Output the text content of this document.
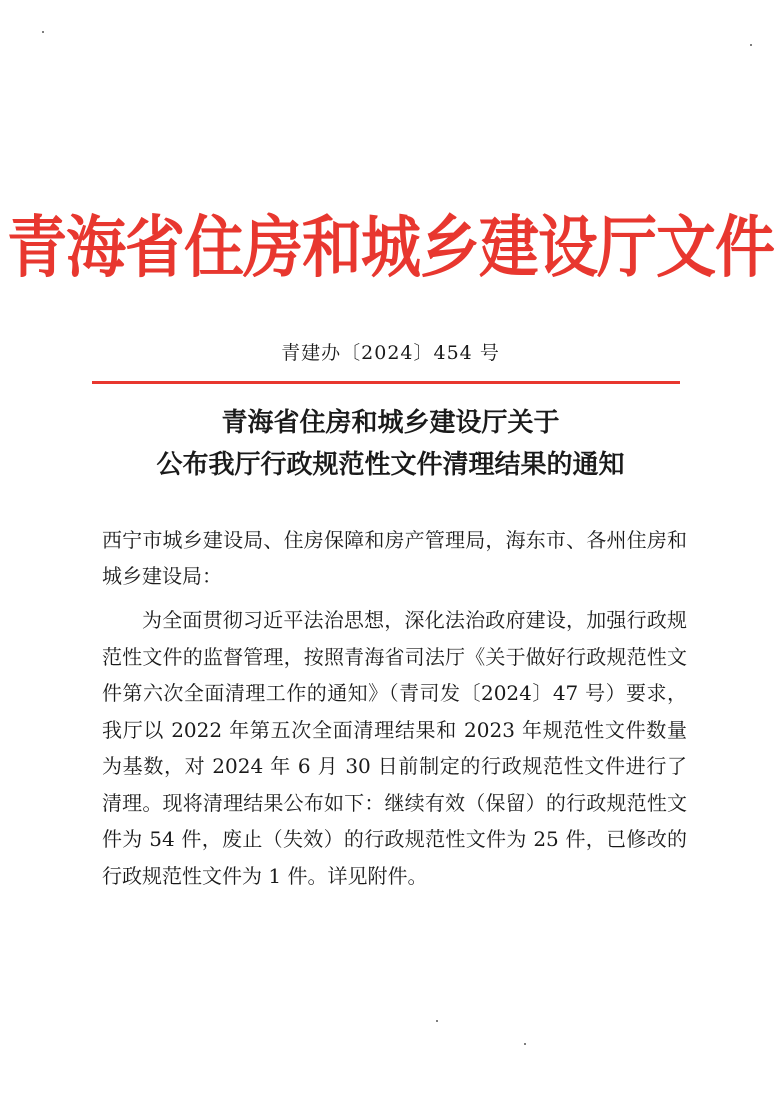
青海省住房和城乡建设厅文件
青建办〔2024〕454 号
青海省住房和城乡建设厅关于
公布我厅行政规范性文件清理结果的通知
西宁市城乡建设局、住房保障和房产管理局，海东市、各州住房和城乡建设局：
为全面贯彻习近平法治思想，深化法治政府建设，加强行政规范性文件的监督管理，按照青海省司法厅《关于做好行政规范性文件第六次全面清理工作的通知》（青司发〔2024〕47 号）要求，我厅以 2022 年第五次全面清理结果和 2023 年规范性文件数量为基数，对 2024 年 6 月 30 日前制定的行政规范性文件进行了清理。现将清理结果公布如下：继续有效（保留）的行政规范性文件为 54 件，废止（失效）的行政规范性文件为 25 件，已修改的行政规范性文件为 1 件。详见附件。
